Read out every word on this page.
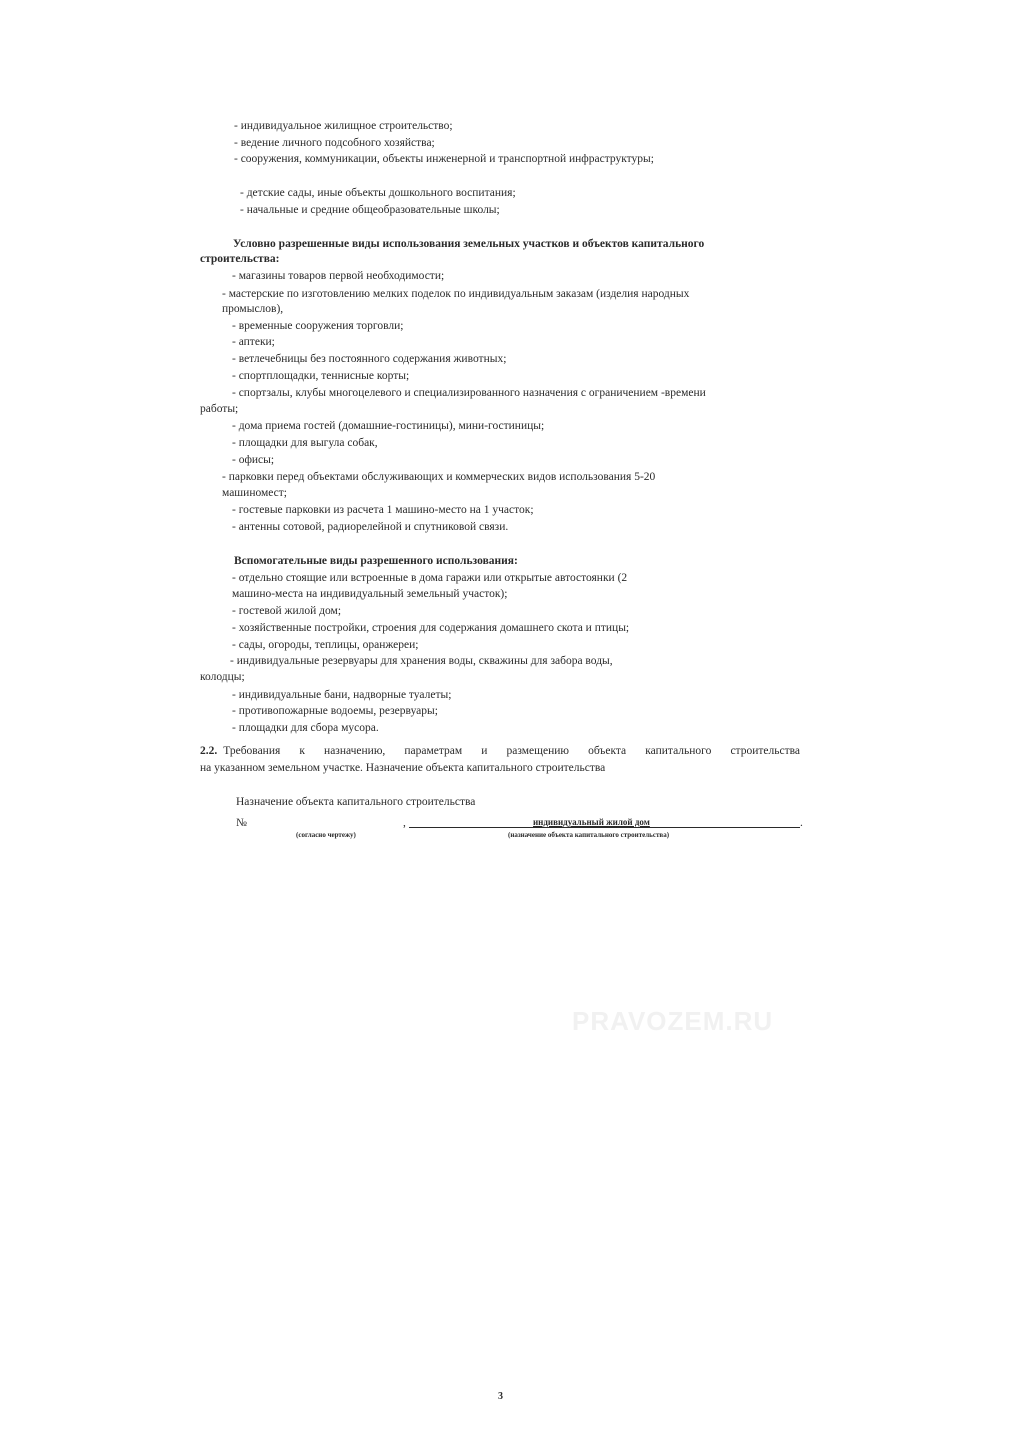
- индивидуальное жилищное строительство;
- ведение личного подсобного хозяйства;
- сооружения, коммуникации, объекты инженерной и транспортной инфраструктуры;
- детские сады, иные объекты дошкольного воспитания;
- начальные и средние общеобразовательные школы;
Условно разрешенные виды использования земельных участков и объектов капитального
строительства:
- магазины товаров первой необходимости;
- мастерские по изготовлению мелких поделок по индивидуальным заказам (изделия народных
промыслов),
- временные сооружения торговли;
- аптеки;
- ветлечебницы без постоянного содержания животных;
- спортплощадки, теннисные корты;
- спортзалы, клубы многоцелевого и специализированного назначения с ограничением -времени
работы;
- дома приема гостей (домашние-гостиницы), мини-гостиницы;
- площадки для выгула собак,
- офисы;
- парковки перед объектами обслуживающих и коммерческих видов использования 5-20
машиномест;
- гостевые парковки из расчета 1 машино-место на 1 участок;
- антенны сотовой, радиорелейной и спутниковой связи.
Вспомогательные виды разрешенного использования:
- отдельно стоящие или встроенные в дома гаражи или открытые автостоянки (2
машино-места на индивидуальный земельный участок);
- гостевой жилой дом;
- хозяйственные постройки, строения для содержания домашнего скота и птицы;
- сады, огороды, теплицы, оранжереи;
- индивидуальные резервуары для хранения воды, скважины для забора воды,
колодцы;
- индивидуальные бани, надворные туалеты;
- противопожарные водоемы, резервуары;
- площадки для сбора мусора.
2.2. Требования к назначению, параметрам и размещению объекта капитального строительства
на указанном земельном участке. Назначение объекта капитального строительства
Назначение объекта капитального строительства
№	,	индивидуальный жилой дом	.
(согласно чертежу)	(назначение объекта капитального строительства)
PRAVOZEM.RU
3
